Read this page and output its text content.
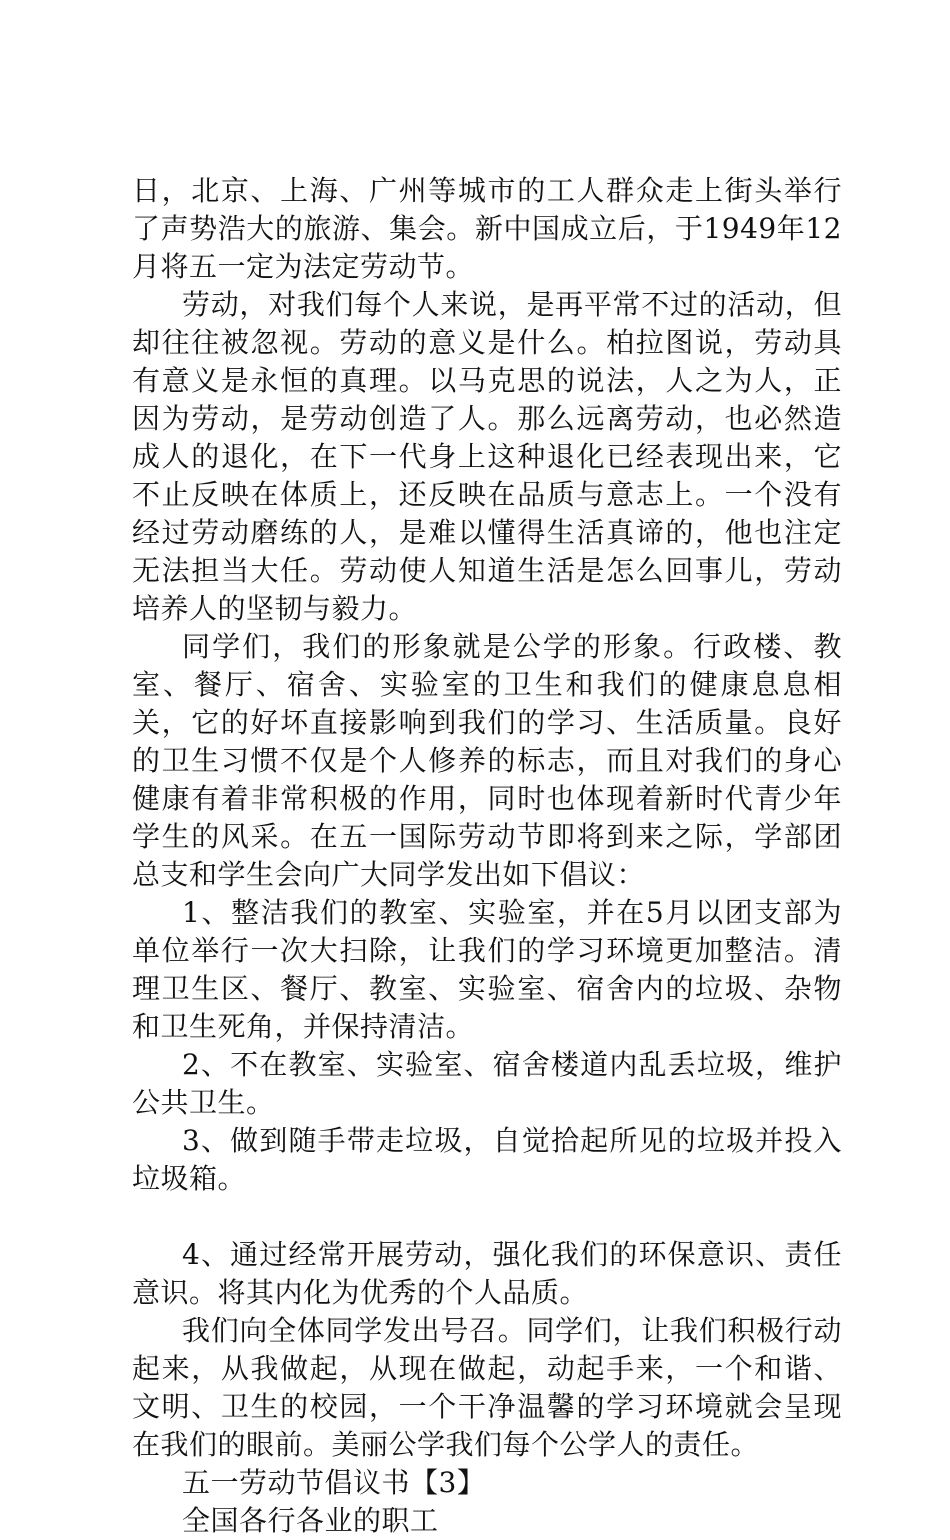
日，北京、上海、广州等城市的工人群众走上街头举行了声势浩大的旅游、集会。新中国成立后，于1949年12月将五一定为法定劳动节。

劳动，对我们每个人来说，是再平常不过的活动，但却往往被忽视。劳动的意义是什么。柏拉图说，劳动具有意义是永恒的真理。以马克思的说法，人之为人，正因为劳动，是劳动创造了人。那么远离劳动，也必然造成人的退化，在下一代身上这种退化已经表现出来，它不止反映在体质上，还反映在品质与意志上。一个没有经过劳动磨练的人，是难以懂得生活真谛的，他也注定无法担当大任。劳动使人知道生活是怎么回事儿，劳动培养人的坚韧与毅力。

同学们，我们的形象就是公学的形象。行政楼、教室、餐厅、宿舍、实验室的卫生和我们的健康息息相关，它的好坏直接影响到我们的学习、生活质量。良好的卫生习惯不仅是个人修养的标志，而且对我们的身心健康有着非常积极的作用，同时也体现着新时代青少年学生的风采。在五一国际劳动节即将到来之际，学部团总支和学生会向广大同学发出如下倡议：

1、整洁我们的教室、实验室，并在5月以团支部为单位举行一次大扫除，让我们的学习环境更加整洁。清理卫生区、餐厅、教室、实验室、宿舍内的垃圾、杂物和卫生死角，并保持清洁。

2、不在教室、实验室、宿舍楼道内乱丢垃圾，维护公共卫生。

3、做到随手带走垃圾，自觉拾起所见的垃圾并投入垃圾箱。

4、通过经常开展劳动，强化我们的环保意识、责任意识。将其内化为优秀的个人品质。

我们向全体同学发出号召。同学们，让我们积极行动起来，从我做起，从现在做起，动起手来，一个和谐、文明、卫生的校园，一个干净温馨的学习环境就会呈现在我们的眼前。美丽公学我们每个公学人的责任。

五一劳动节倡议书【3】

全国各行各业的职工
